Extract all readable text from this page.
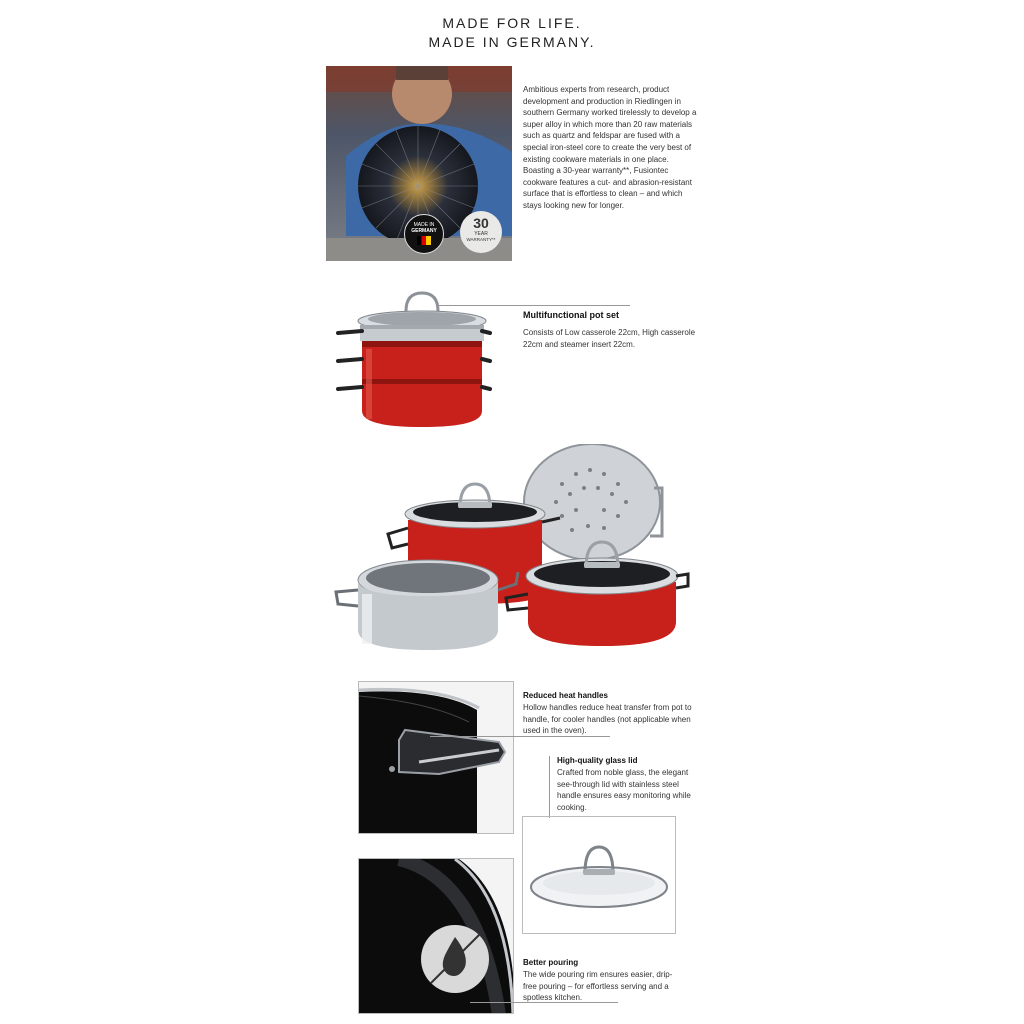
MADE FOR LIFE.
MADE IN GERMANY.
MADE IN
GERMANY	30
YEAR
WARRANTY**
Ambitious experts from research, product development and production in Riedlingen in southern Germany worked tirelessly to develop a super alloy in which more than 20 raw materials such as quartz and feldspar are fused with a special iron-steel core to create the very best of existing cookware materials in one place. Boasting a 30-year warranty**, Fusiontec cookware features a cut- and abrasion-resistant surface that is effortless to clean – and which stays looking new for longer.
Multifunctional pot set
Consists of Low casserole 22cm, High casserole 22cm and steamer insert 22cm.
Reduced heat handles
Hollow handles reduce heat transfer from pot to handle, for cooler handles (not applicable when used in the oven).
High-quality glass lid
Crafted from noble glass, the elegant see-through lid with stainless steel handle ensures easy monitoring while cooking.
Better pouring
The wide pouring rim ensures easier, drip-free pouring – for effortless serving and a spotless kitchen.
